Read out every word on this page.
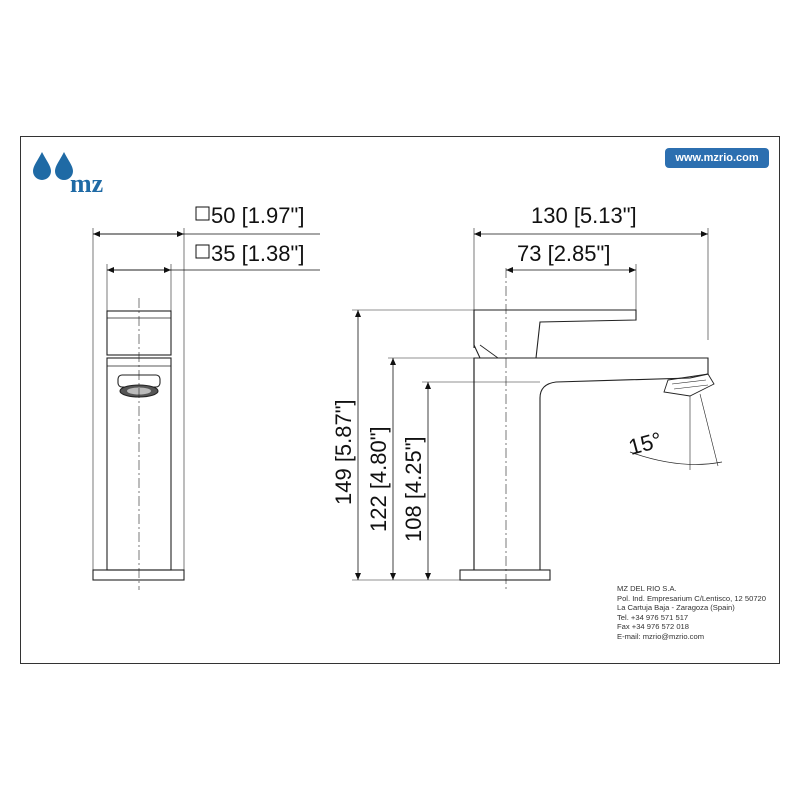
50 [1.97"]
35 [1.38"]
130 [5.13"]
73 [2.85"]
149 [5.87"] 122 [4.80"] 108 [4.25"]	15°
mz
www.mzrio.com
MZ DEL RIO S.A.
Pol. Ind. Empresarium C/Lentisco, 12 50720
La Cartuja Baja - Zaragoza (Spain)
Tel. +34 976 571 517
Fax +34 976 572 018
E-mail: mzrio@mzrio.com
